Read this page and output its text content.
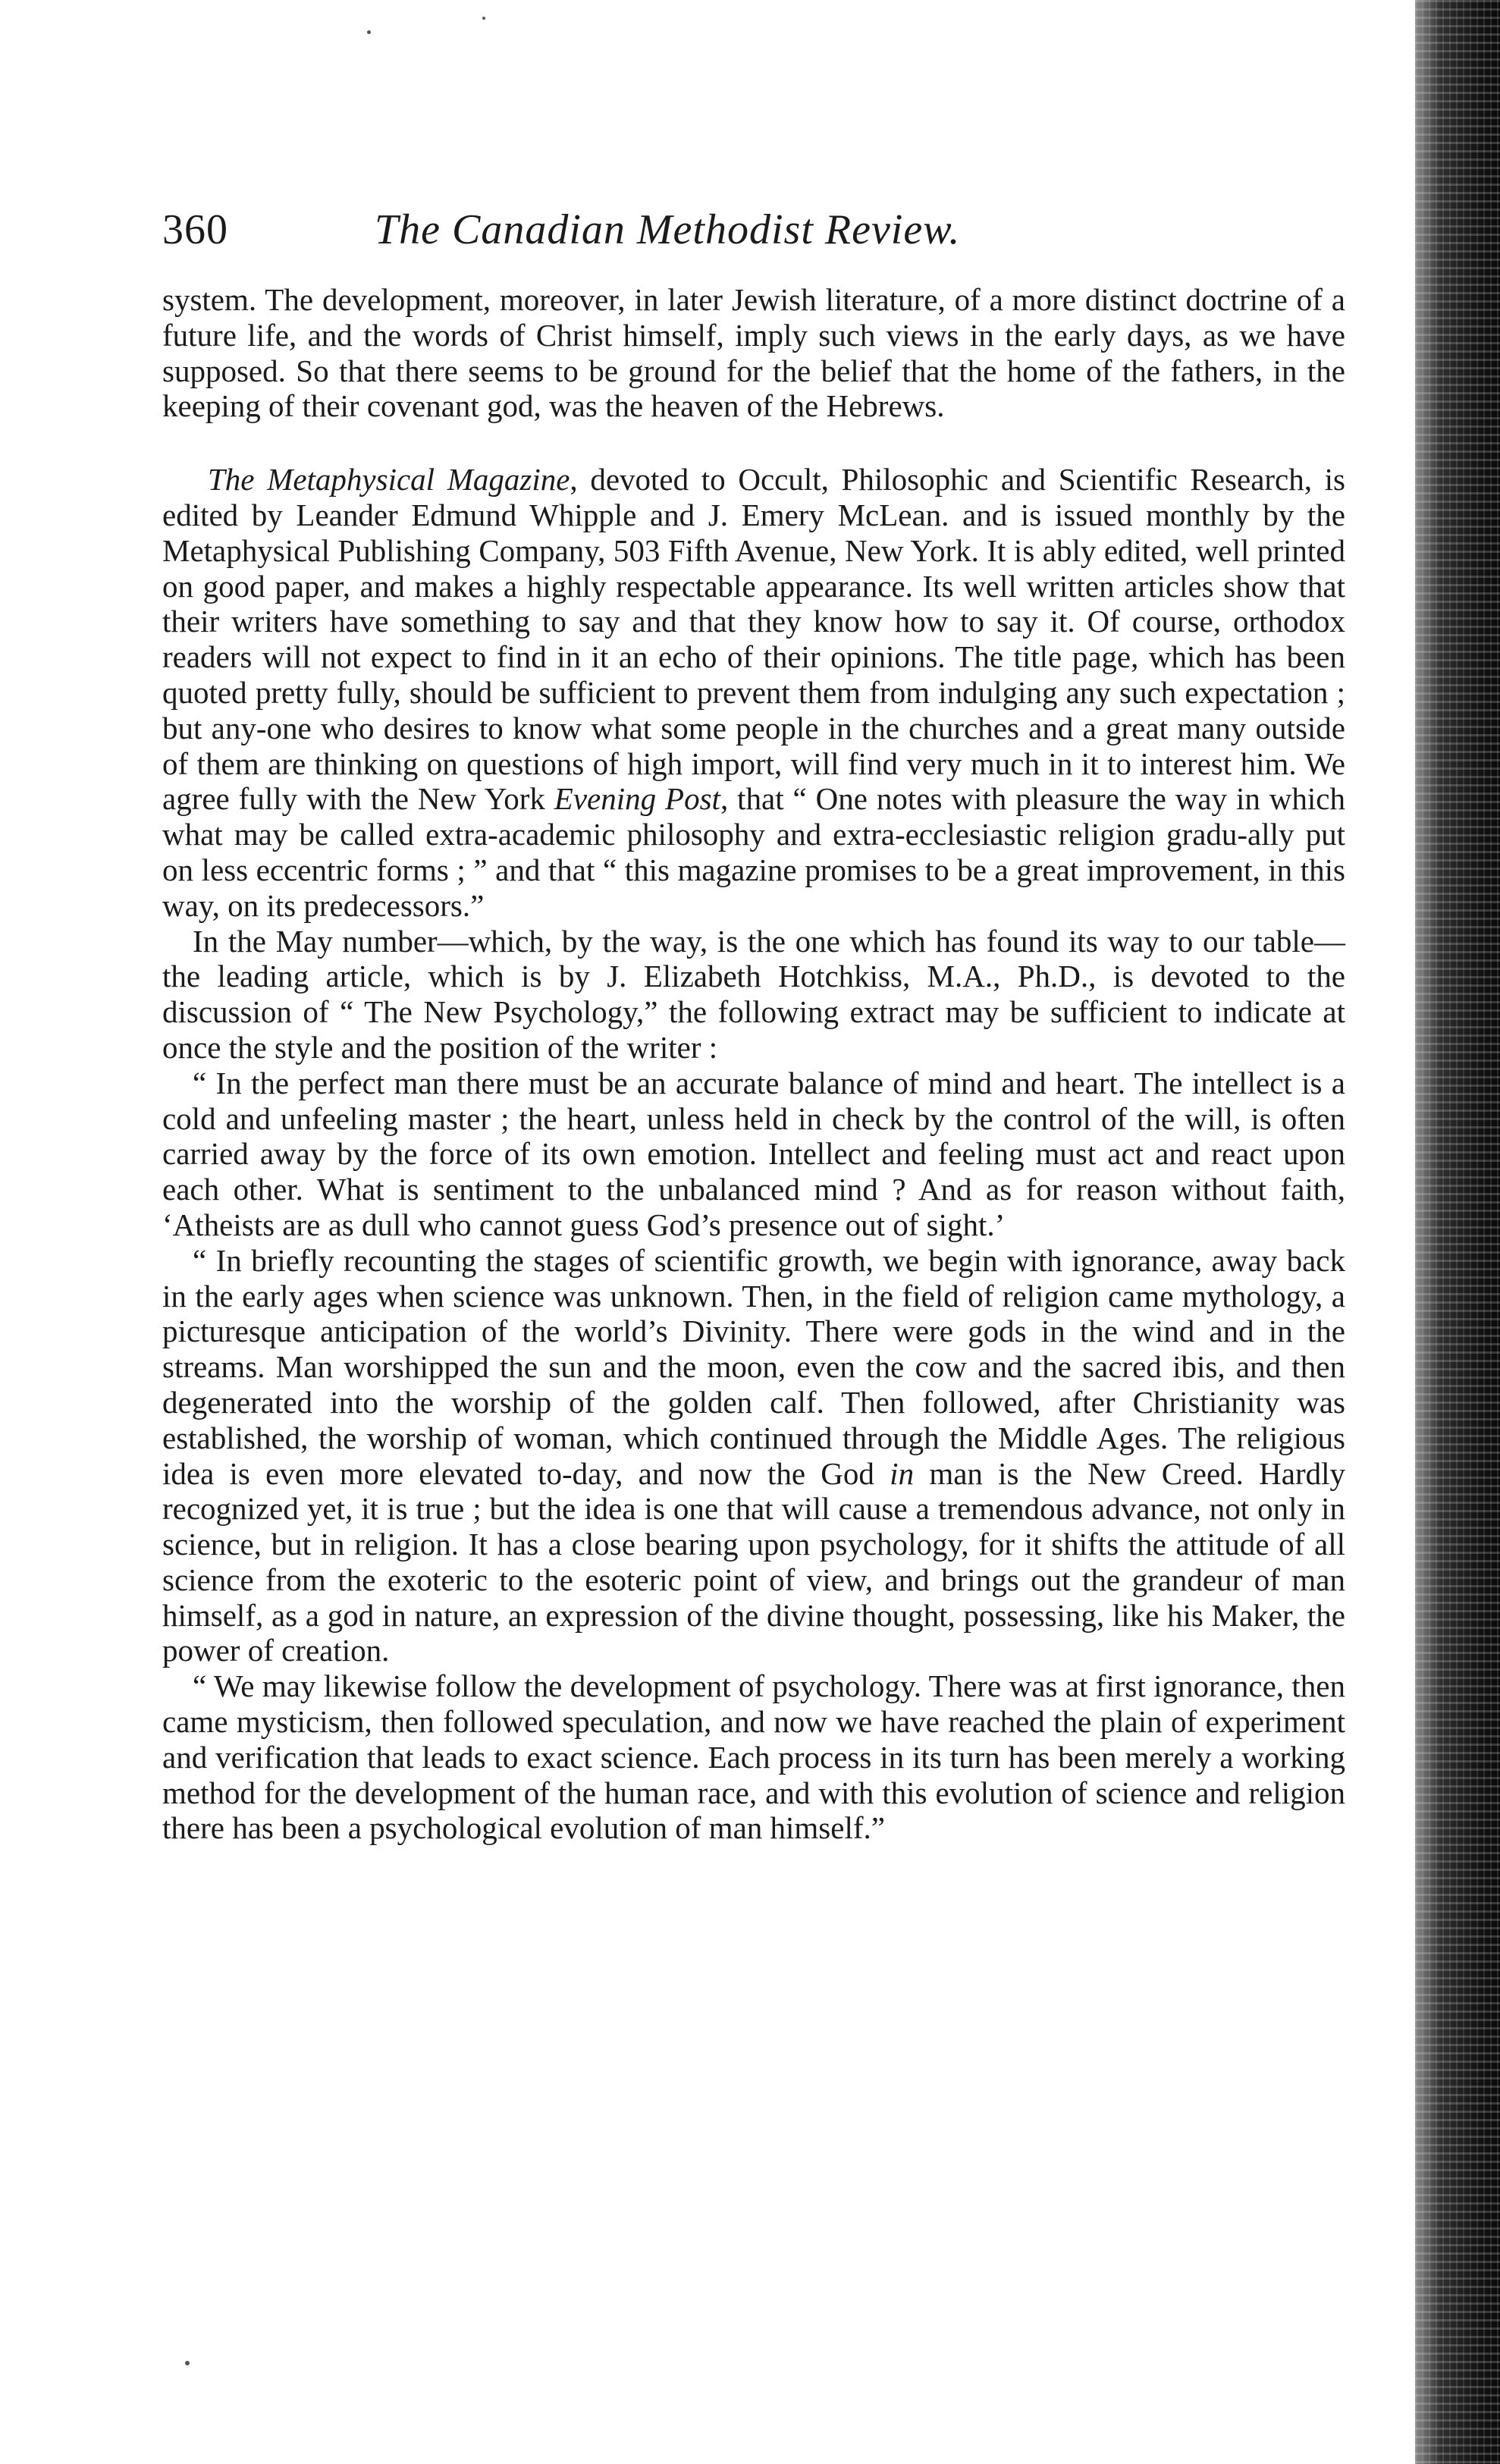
360	The Canadian Methodist Review.

system. The development, moreover, in later Jewish literature, of a more distinct doctrine of a future life, and the words of Christ himself, imply such views in the early days, as we have supposed. So that there seems to be ground for the belief that the home of the fathers, in the keeping of their covenant god, was the heaven of the Hebrews.

The Metaphysical Magazine, devoted to Occult, Philosophic and Scientific Research, is edited by Leander Edmund Whipple and J. Emery McLean. and is issued monthly by the Metaphysical Publishing Company, 503 Fifth Avenue, New York. It is ably edited, well printed on good paper, and makes a highly respectable appearance. Its well written articles show that their writers have something to say and that they know how to say it. Of course, orthodox readers will not expect to find in it an echo of their opinions. The title page, which has been quoted pretty fully, should be sufficient to prevent them from indulging any such expectation ; but any-one who desires to know what some people in the churches and a great many outside of them are thinking on questions of high import, will find very much in it to interest him. We agree fully with the New York Evening Post, that “ One notes with pleasure the way in which what may be called extra-academic philosophy and extra-ecclesiastic religion gradu-ally put on less eccentric forms ; ” and that “ this magazine promises to be a great improvement, in this way, on its predecessors.”

In the May number—which, by the way, is the one which has found its way to our table—the leading article, which is by J. Elizabeth Hotchkiss, M.A., Ph.D., is devoted to the discussion of “ The New Psychology,” the following extract may be sufficient to indicate at once the style and the position of the writer :

“ In the perfect man there must be an accurate balance of mind and heart. The intellect is a cold and unfeeling master ; the heart, unless held in check by the control of the will, is often carried away by the force of its own emotion. Intellect and feeling must act and react upon each other. What is sentiment to the unbalanced mind ? And as for reason without faith, ‘Atheists are as dull who cannot guess God’s presence out of sight.’

“ In briefly recounting the stages of scientific growth, we begin with ignorance, away back in the early ages when science was unknown. Then, in the field of religion came mythology, a picturesque anticipation of the world’s Divinity. There were gods in the wind and in the streams. Man worshipped the sun and the moon, even the cow and the sacred ibis, and then degenerated into the worship of the golden calf. Then followed, after Christianity was established, the worship of woman, which continued through the Middle Ages. The religious idea is even more elevated to-day, and now the God in man is the New Creed. Hardly recognized yet, it is true ; but the idea is one that will cause a tremendous advance, not only in science, but in religion. It has a close bearing upon psychology, for it shifts the attitude of all science from the exoteric to the esoteric point of view, and brings out the grandeur of man himself, as a god in nature, an expression of the divine thought, possessing, like his Maker, the power of creation.

“ We may likewise follow the development of psychology. There was at first ignorance, then came mysticism, then followed speculation, and now we have reached the plain of experiment and verification that leads to exact science. Each process in its turn has been merely a working method for the development of the human race, and with this evolution of science and religion there has been a psychological evolution of man himself.”
